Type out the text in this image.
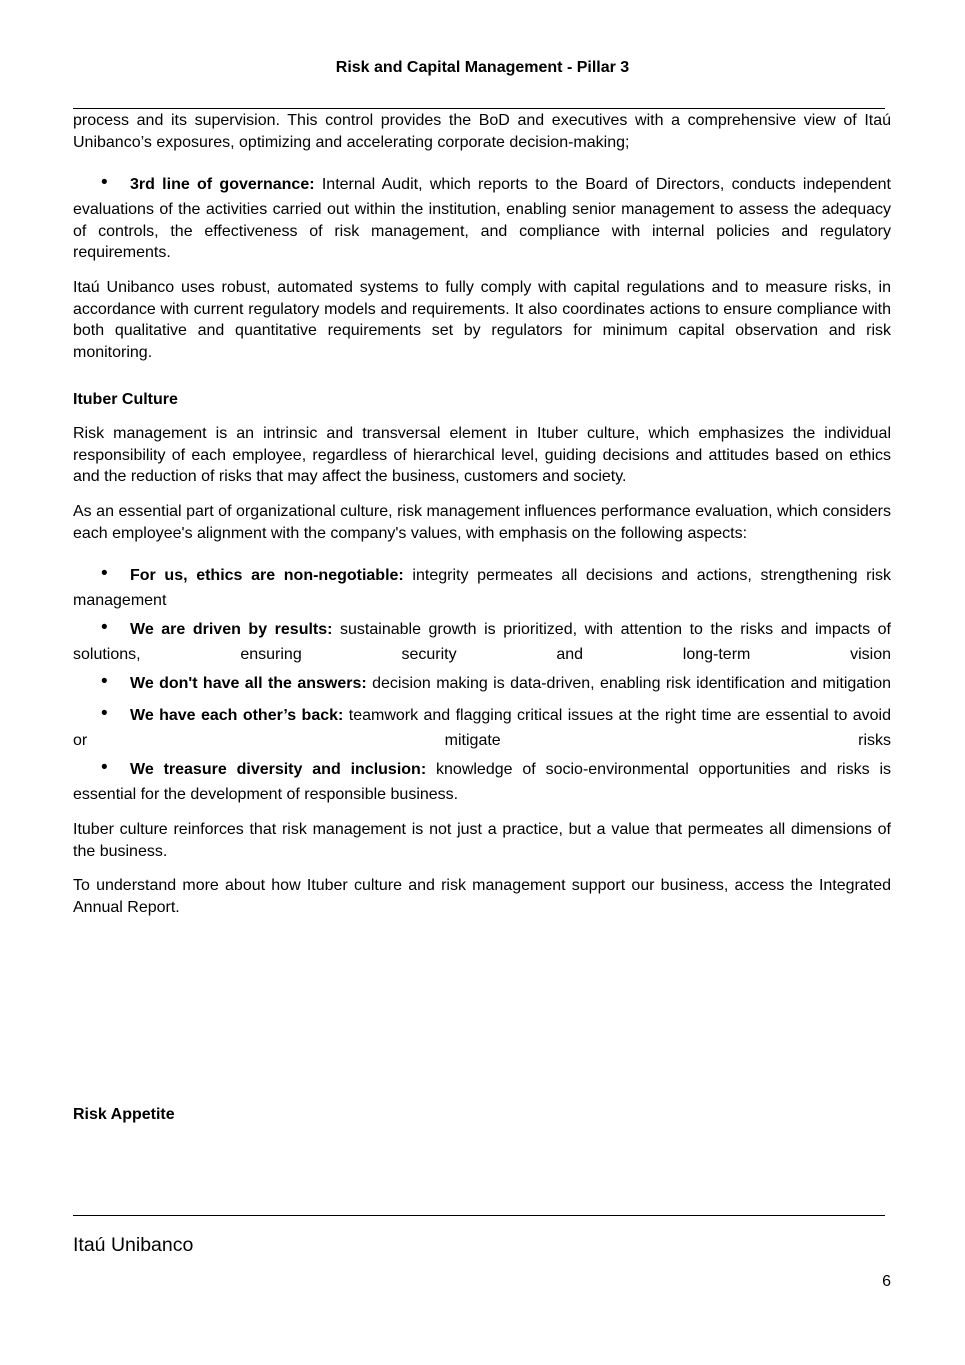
Risk and Capital Management - Pillar 3

process and its supervision. This control provides the BoD and executives with a comprehensive view of Itaú Unibanco’s exposures, optimizing and accelerating corporate decision-making;

•3rd line of governance: Internal Audit, which reports to the Board of Directors, conducts independent evaluations of the activities carried out within the institution, enabling senior management to assess the adequacy of controls, the effectiveness of risk management, and compliance with internal policies and regulatory requirements.

Itaú Unibanco uses robust, automated systems to fully comply with capital regulations and to measure risks, in accordance with current regulatory models and requirements. It also coordinates actions to ensure compliance with both qualitative and quantitative requirements set by regulators for minimum capital observation and risk monitoring.

Ituber Culture

Risk management is an intrinsic and transversal element in Ituber culture, which emphasizes the individual responsibility of each employee, regardless of hierarchical level, guiding decisions and attitudes based on ethics and the reduction of risks that may affect the business, customers and society.

As an essential part of organizational culture, risk management influences performance evaluation, which considers each employee's alignment with the company's values, with emphasis on the following aspects:

•For us, ethics are non-negotiable: integrity permeates all decisions and actions, strengthening risk management

•We are driven by results: sustainable growth is prioritized, with attention to the risks and impacts of solutions, ensuring security and long-term vision

•We don't have all the answers: decision making is data-driven, enabling risk identification and mitigation

•We have each other’s back: teamwork and flagging critical issues at the right time are essential to avoid or mitigate risks

•We treasure diversity and inclusion: knowledge of socio-environmental opportunities and risks is essential for the development of responsible business.

Ituber culture reinforces that risk management is not just a practice, but a value that permeates all dimensions of the business.

To understand more about how Ituber culture and risk management support our business, access the Integrated Annual Report.

Risk Appetite

Itaú Unibanco
6
